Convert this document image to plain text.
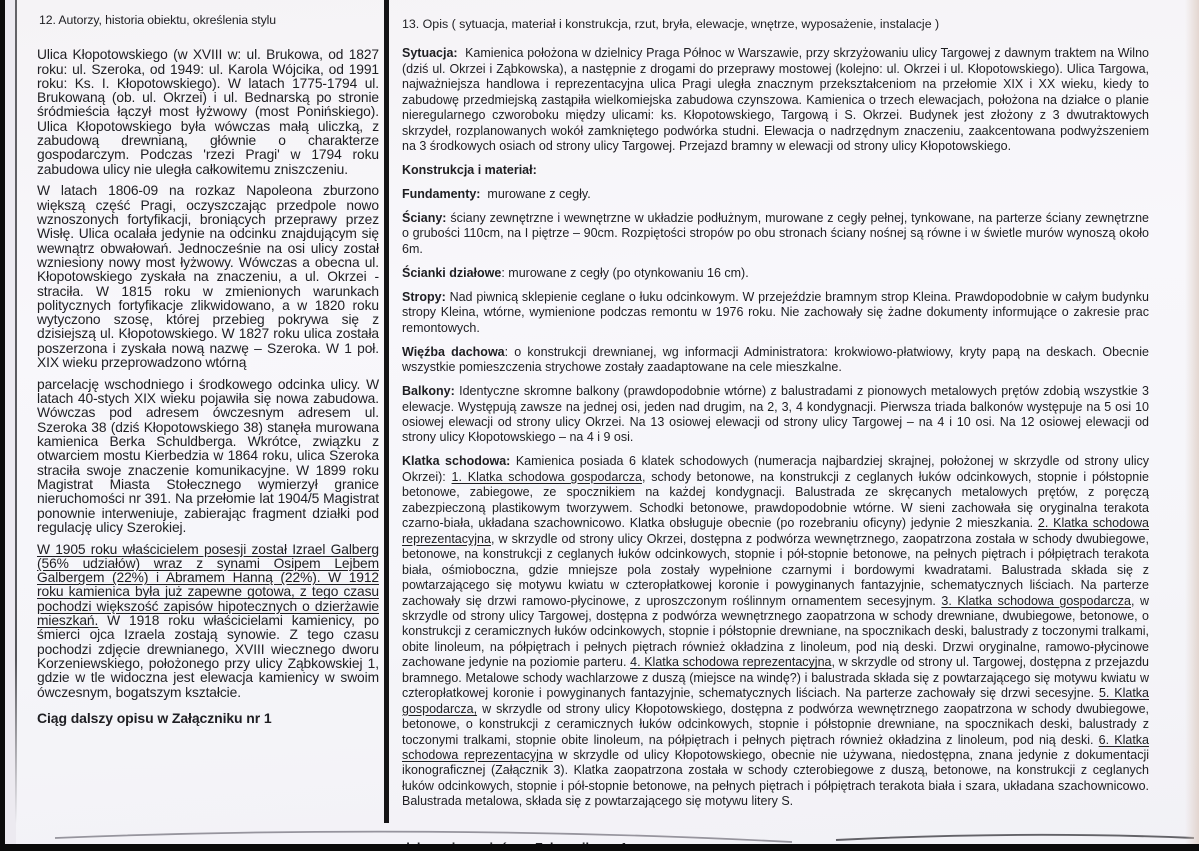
12. Autorzy, historia obiektu, określenia stylu

Ulica Kłopotowskiego (w XVIII w: ul. Brukowa, od 1827 roku: ul. Szeroka, od 1949: ul. Karola Wójcika, od 1991 roku: Ks. I. Kłopotowskiego). W latach 1775-1794 ul. Brukowaną (ob. ul. Okrzei) i ul. Bednarską po stronie śródmieścia łączył most łyżwowy (most Ponińskiego). Ulica Kłopotowskiego była wówczas małą uliczką, z zabudową drewnianą, głównie o charakterze gospodarczym. Podczas 'rzezi Pragi' w 1794 roku zabudowa ulicy nie uległa całkowitemu zniszczeniu.

W latach 1806-09 na rozkaz Napoleona zburzono większą część Pragi, oczyszczając przedpole nowo wznoszonych fortyfikacji, broniących przeprawy przez Wisłę. Ulica ocalała jedynie na odcinku znajdującym się wewnątrz obwałowań. Jednocześnie na osi ulicy został wzniesiony nowy most łyżwowy. Wówczas a obecna ul. Kłopotowskiego zyskała na znaczeniu, a ul. Okrzei - straciła. W 1815 roku w zmienionych warunkach politycznych fortyfikacje zlikwidowano, a w 1820 roku wytyczono szosę, której przebieg pokrywa się z dzisiejszą ul. Kłopotowskiego. W 1827 roku ulica została poszerzona i zyskała nową nazwę – Szeroka. W 1 poł. XIX wieku przeprowadzono wtórną

parcelację wschodniego i środkowego odcinka ulicy. W latach 40-stych XIX wieku pojawiła się nowa zabudowa. Wówczas pod adresem ówczesnym adresem ul. Szeroka 38 (dziś Kłopotowskiego 38) stanęła murowana kamienica Berka Schuldberga. Wkrótce, związku z otwarciem mostu Kierbedzia w 1864 roku, ulica Szeroka straciła swoje znaczenie komunikacyjne. W 1899 roku Magistrat Miasta Stołecznego wymierzył granice nieruchomości nr 391. Na przełomie lat 1904/5 Magistrat ponownie interweniuje, zabierając fragment działki pod regulację ulicy Szerokiej.

W 1905 roku właścicielem posesji został Izrael Galberg (56% udziałów) wraz z synami Osipem Lejbem Galbergem (22%) i Abramem Hanną (22%). W 1912 roku kamienica była już zapewne gotowa, z tego czasu pochodzi większość zapisów hipotecznych o dzierżawie mieszkań. W 1918 roku właścicielami kamienicy, po śmierci ojca Izraela zostają synowie. Z tego czasu pochodzi zdjęcie drewnianego, XVIII wiecznego dworu Korzeniewskiego, położonego przy ulicy Ząbkowskiej 1, gdzie w tle widoczna jest elewacja kamienicy w swoim ówczesnym, bogatszym kształcie.

Ciąg dalszy opisu w Załączniku nr 1

13. Opis ( sytuacja, materiał i konstrukcja, rzut, bryła, elewacje, wnętrze, wyposażenie, instalacje )

Sytuacja:  Kamienica położona w dzielnicy Praga Północ w Warszawie, przy skrzyżowaniu ulicy Targowej z dawnym traktem na Wilno (dziś ul. Okrzei i Ząbkowska), a następnie z drogami do przeprawy mostowej (kolejno: ul. Okrzei i ul. Kłopotowskiego). Ulica Targowa, najważniejsza handlowa i reprezentacyjna ulica Pragi uległa znacznym przekształceniom na przełomie XIX i XX wieku, kiedy to zabudowę przedmiejską zastąpiła wielkomiejska zabudowa czynszowa. Kamienica o trzech elewacjach, położona na działce o planie nieregularnego czworoboku między ulicami: ks. Kłopotowskiego, Targową i S. Okrzei. Budynek jest złożony z 3 dwutraktowych skrzydeł, rozplanowanych wokół zamkniętego podwórka studni. Elewacja o nadrzędnym znaczeniu, zaakcentowana podwyższeniem na 3 środkowych osiach od strony ulicy Targowej. Przejazd bramny w elewacji od strony ulicy Kłopotowskiego.

Konstrukcja i materiał:

Fundamenty:  murowane z cegły.

Ściany: ściany zewnętrzne i wewnętrzne w układzie podłużnym, murowane z cegły pełnej, tynkowane, na parterze ściany zewnętrzne o grubości 110cm, na I piętrze – 90cm. Rozpiętości stropów po obu stronach ściany nośnej są równe i w świetle murów wynoszą około 6m.

Ścianki działowe: murowane z cegły (po otynkowaniu 16 cm).

Stropy: Nad piwnicą sklepienie ceglane o łuku odcinkowym. W przejeździe bramnym strop Kleina. Prawdopodobnie w całym budynku stropy Kleina, wtórne, wymienione podczas remontu w 1976 roku. Nie zachowały się żadne dokumenty informujące o zakresie prac remontowych.

Więźba dachowa: o konstrukcji drewnianej, wg informacji Administratora: krokwiowo-płatwiowy, kryty papą na deskach. Obecnie wszystkie pomieszczenia strychowe zostały zaadaptowane na cele mieszkalne.

Balkony: Identyczne skromne balkony (prawdopodobnie wtórne) z balustradami z pionowych metalowych prętów zdobią wszystkie 3 elewacje. Występują zawsze na jednej osi, jeden nad drugim, na 2, 3, 4 kondygnacji. Pierwsza triada balkonów występuje na 5 osi 10 osiowej elewacji od strony ulicy Okrzei. Na 13 osiowej elewacji od strony ulicy Targowej – na 4 i 10 osi. Na 12 osiowej elewacji od strony ulicy Kłopotowskiego – na 4 i 9 osi.

Klatka schodowa: Kamienica posiada 6 klatek schodowych (numeracja najbardziej skrajnej, położonej w skrzydle od strony ulicy Okrzei): 1. Klatka schodowa gospodarcza, schody betonowe, na konstrukcji z ceglanych łuków odcinkowych, stopnie i półstopnie betonowe, zabiegowe, ze spocznikiem na każdej kondygnacji. Balustrada ze skręcanych metalowych prętów, z poręczą zabezpieczoną plastikowym tworzywem. Schodki betonowe, prawdopodobnie wtórne. W sieni zachowała się oryginalna terakota czarno-biała, układana szachownicowo. Klatka obsługuje obecnie (po rozebraniu oficyny) jedynie 2 mieszkania. 2. Klatka schodowa reprezentacyjna, w skrzydle od strony ulicy Okrzei, dostępna z podwórza wewnętrznego, zaopatrzona została w schody dwubiegowe, betonowe, na konstrukcji z ceglanych łuków odcinkowych, stopnie i pół-stopnie betonowe, na pełnych piętrach i półpiętrach terakota biała, ośmioboczna, gdzie mniejsze pola zostały wypełnione czarnymi i bordowymi kwadratami. Balustrada składa się z powtarzającego się motywu kwiatu w czteropłatkowej koronie i powyginanych fantazyjnie, schematycznych liściach. Na parterze zachowały się drzwi ramowo-płycinowe, z uproszczonym roślinnym ornamentem secesyjnym. 3. Klatka schodowa gospodarcza, w skrzydle od strony ulicy Targowej, dostępna z podwórza wewnętrznego zaopatrzona w schody drewniane, dwubiegowe, betonowe, o konstrukcji z ceramicznych łuków odcinkowych, stopnie i półstopnie drewniane, na spocznikach deski, balustrady z toczonymi tralkami, obite linoleum, na półpiętrach i pełnych piętrach również okładzina z linoleum, pod nią deski. Drzwi oryginalne, ramowo-płycinowe zachowane jedynie na poziomie parteru. 4. Klatka schodowa reprezentacyjna, w skrzydle od strony ul. Targowej, dostępna z przejazdu bramnego. Metalowe schody wachlarzowe z duszą (miejsce na windę?) i balustrada składa się z powtarzającego się motywu kwiatu w czteropłatkowej koronie i powyginanych fantazyjnie, schematycznych liściach. Na parterze zachowały się drzwi secesyjne. 5. Klatka gospodarcza, w skrzydle od strony ulicy Kłopotowskiego, dostępna z podwórza wewnętrznego zaopatrzona w schody dwubiegowe, betonowe, o konstrukcji z ceramicznych łuków odcinkowych, stopnie i półstopnie drewniane, na spocznikach deski, balustrady z toczonymi tralkami, stopnie obite linoleum, na półpiętrach i pełnych piętrach również okładzina z linoleum, pod nią deski. 6. Klatka schodowa reprezentacyjna w skrzydle od ulicy Kłopotowskiego, obecnie nie używana, niedostępna, znana jedynie z dokumentacji ikonograficznej (Załącznik 3). Klatka zaopatrzona została w schody czterobiegowe z duszą, betonowe, na konstrukcji z ceglanych łuków odcinkowych, stopnie i pół-stopnie betonowe, na pełnych piętrach i półpiętrach terakota biała i szara, układana szachownicowo. Balustrada metalowa, składa się z powtarzającego się motywu litery S.
